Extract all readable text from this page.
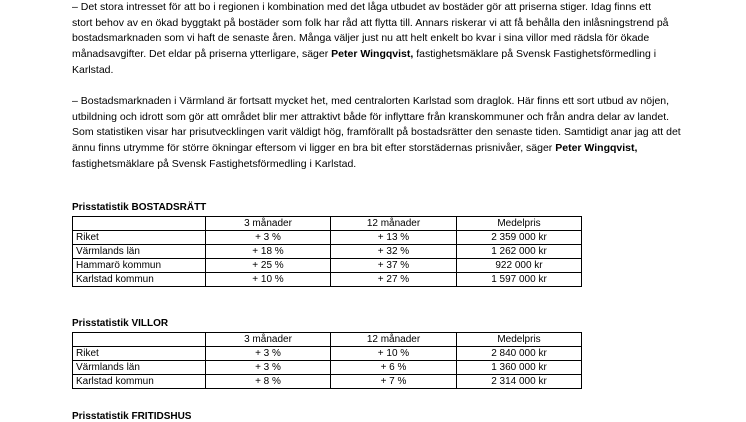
– Det stora intresset för att bo i regionen i kombination med det låga utbudet av bostäder gör att priserna stiger. Idag finns ett stort behov av en ökad byggtakt på bostäder som folk har råd att flytta till. Annars riskerar vi att få behålla den inlåsningstrend på bostadsmarknaden som vi haft de senaste åren. Många väljer just nu att helt enkelt bo kvar i sina villor med rädsla för ökade månadsavgifter. Det eldar på priserna ytterligare, säger Peter Wingqvist, fastighetsmäklare på Svensk Fastighetsförmedling i Karlstad.

– Bostadsmarknaden i Värmland är fortsatt mycket het, med centralorten Karlstad som draglok. Här finns ett sort utbud av nöjen, utbildning och idrott som gör att området blir mer attraktivt både för inflyttare från kranskommuner och från andra delar av landet. Som statistiken visar har prisutvecklingen varit väldigt hög, framförallt på bostadsrätter den senaste tiden. Samtidigt anar jag att det ännu finns utrymme för större ökningar eftersom vi ligger en bra bit efter storstädernas prisnivåer, säger Peter Wingqvist, fastighetsmäklare på Svensk Fastighetsförmedling i Karlstad.

Prisstatistik BOSTADSRÄTT

	3 månader	12 månader	Medelpris
Riket	+ 3 %	+ 13 %	2 359 000 kr
Värmlands län	+ 18 %	+ 32 %	1 262 000 kr
Hammarö kommun	+ 25 %	+ 37 %	922 000 kr
Karlstad kommun	+ 10 %	+ 27 %	1 597 000 kr

Prisstatistik VILLOR

	3 månader	12 månader	Medelpris
Riket	+ 3 %	+ 10 %	2 840 000 kr
Värmlands län	+ 3 %	+ 6 %	1 360 000 kr
Karlstad kommun	+ 8 %	+ 7 %	2 314 000 kr

Prisstatistik FRITIDSHUS
